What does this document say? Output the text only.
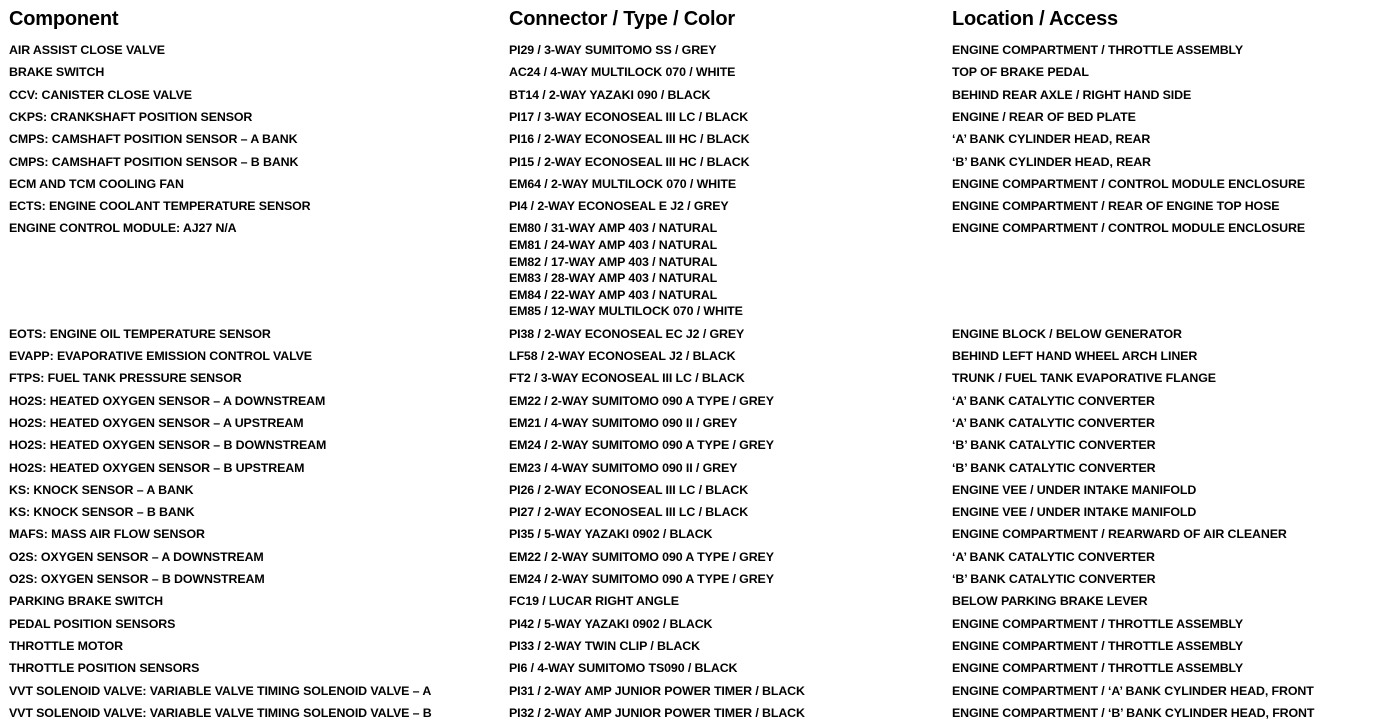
Component
AIR ASSIST CLOSE VALVE
BRAKE SWITCH
CCV: CANISTER CLOSE VALVE
CKPS: CRANKSHAFT POSITION SENSOR
CMPS: CAMSHAFT POSITION SENSOR – A BANK
CMPS: CAMSHAFT POSITION SENSOR – B BANK
ECM AND TCM COOLING FAN
ECTS: ENGINE COOLANT TEMPERATURE SENSOR
ENGINE CONTROL MODULE: AJ27 N/A
EOTS: ENGINE OIL TEMPERATURE SENSOR
EVAPP: EVAPORATIVE EMISSION CONTROL VALVE
FTPS: FUEL TANK PRESSURE SENSOR
HO2S: HEATED OXYGEN SENSOR – A DOWNSTREAM
HO2S: HEATED OXYGEN SENSOR – A UPSTREAM
HO2S: HEATED OXYGEN SENSOR – B DOWNSTREAM
HO2S: HEATED OXYGEN SENSOR – B UPSTREAM
KS: KNOCK SENSOR – A BANK
KS: KNOCK SENSOR – B BANK
MAFS: MASS AIR FLOW SENSOR
O2S: OXYGEN SENSOR – A DOWNSTREAM
O2S: OXYGEN SENSOR – B DOWNSTREAM
PARKING BRAKE SWITCH
PEDAL POSITION SENSORS
THROTTLE MOTOR
THROTTLE POSITION SENSORS
VVT SOLENOID VALVE: VARIABLE VALVE TIMING SOLENOID VALVE – A
VVT SOLENOID VALVE: VARIABLE VALVE TIMING SOLENOID VALVE – B
Connector / Type / Color
PI29 / 3-WAY SUMITOMO SS / GREY
AC24 / 4-WAY MULTILOCK 070 / WHITE
BT14 / 2-WAY YAZAKI 090 / BLACK
PI17 / 3-WAY ECONOSEAL III LC / BLACK
PI16 / 2-WAY ECONOSEAL III HC / BLACK
PI15 / 2-WAY ECONOSEAL III HC / BLACK
EM64 / 2-WAY MULTILOCK 070 / WHITE
PI4 / 2-WAY ECONOSEAL E J2 / GREY
EM80 / 31-WAY AMP 403 / NATURAL
EM81 / 24-WAY AMP 403 / NATURAL
EM82 / 17-WAY AMP 403 / NATURAL
EM83 / 28-WAY AMP 403 / NATURAL
EM84 / 22-WAY AMP 403 / NATURAL
EM85 / 12-WAY MULTILOCK 070 / WHITE
PI38 / 2-WAY ECONOSEAL EC J2 / GREY
LF58 / 2-WAY ECONOSEAL J2 / BLACK
FT2 / 3-WAY ECONOSEAL III LC / BLACK
EM22 / 2-WAY SUMITOMO 090 A TYPE / GREY
EM21 / 4-WAY SUMITOMO 090 II / GREY
EM24 / 2-WAY SUMITOMO 090 A TYPE / GREY
EM23 / 4-WAY SUMITOMO 090 II / GREY
PI26 / 2-WAY ECONOSEAL III LC / BLACK
PI27 / 2-WAY ECONOSEAL III LC / BLACK
PI35 / 5-WAY YAZAKI 0902 / BLACK
EM22 / 2-WAY SUMITOMO 090 A TYPE / GREY
EM24 / 2-WAY SUMITOMO 090 A TYPE / GREY
FC19 / LUCAR RIGHT ANGLE
PI42 / 5-WAY YAZAKI 0902 / BLACK
PI33 / 2-WAY TWIN CLIP / BLACK
PI6 / 4-WAY SUMITOMO TS090 / BLACK
PI31 / 2-WAY AMP JUNIOR POWER TIMER / BLACK
PI32 / 2-WAY AMP JUNIOR POWER TIMER / BLACK
Location / Access
ENGINE COMPARTMENT / THROTTLE ASSEMBLY
TOP OF BRAKE PEDAL
BEHIND REAR AXLE / RIGHT HAND SIDE
ENGINE / REAR OF BED PLATE
‘A’ BANK CYLINDER HEAD, REAR
‘B’ BANK CYLINDER HEAD, REAR
ENGINE COMPARTMENT / CONTROL MODULE ENCLOSURE
ENGINE COMPARTMENT / REAR OF ENGINE TOP HOSE
ENGINE COMPARTMENT / CONTROL MODULE ENCLOSURE
ENGINE BLOCK / BELOW GENERATOR
BEHIND LEFT HAND WHEEL ARCH LINER
TRUNK / FUEL TANK EVAPORATIVE FLANGE
‘A’ BANK CATALYTIC CONVERTER
‘A’ BANK CATALYTIC CONVERTER
‘B’ BANK CATALYTIC CONVERTER
‘B’ BANK CATALYTIC CONVERTER
ENGINE VEE / UNDER INTAKE MANIFOLD
ENGINE VEE / UNDER INTAKE MANIFOLD
ENGINE COMPARTMENT / REARWARD OF AIR CLEANER
‘A’ BANK CATALYTIC CONVERTER
‘B’ BANK CATALYTIC CONVERTER
BELOW PARKING BRAKE LEVER
ENGINE COMPARTMENT / THROTTLE ASSEMBLY
ENGINE COMPARTMENT / THROTTLE ASSEMBLY
ENGINE COMPARTMENT / THROTTLE ASSEMBLY
ENGINE COMPARTMENT / ‘A’ BANK CYLINDER HEAD, FRONT
ENGINE COMPARTMENT / ‘B’ BANK CYLINDER HEAD, FRONT
